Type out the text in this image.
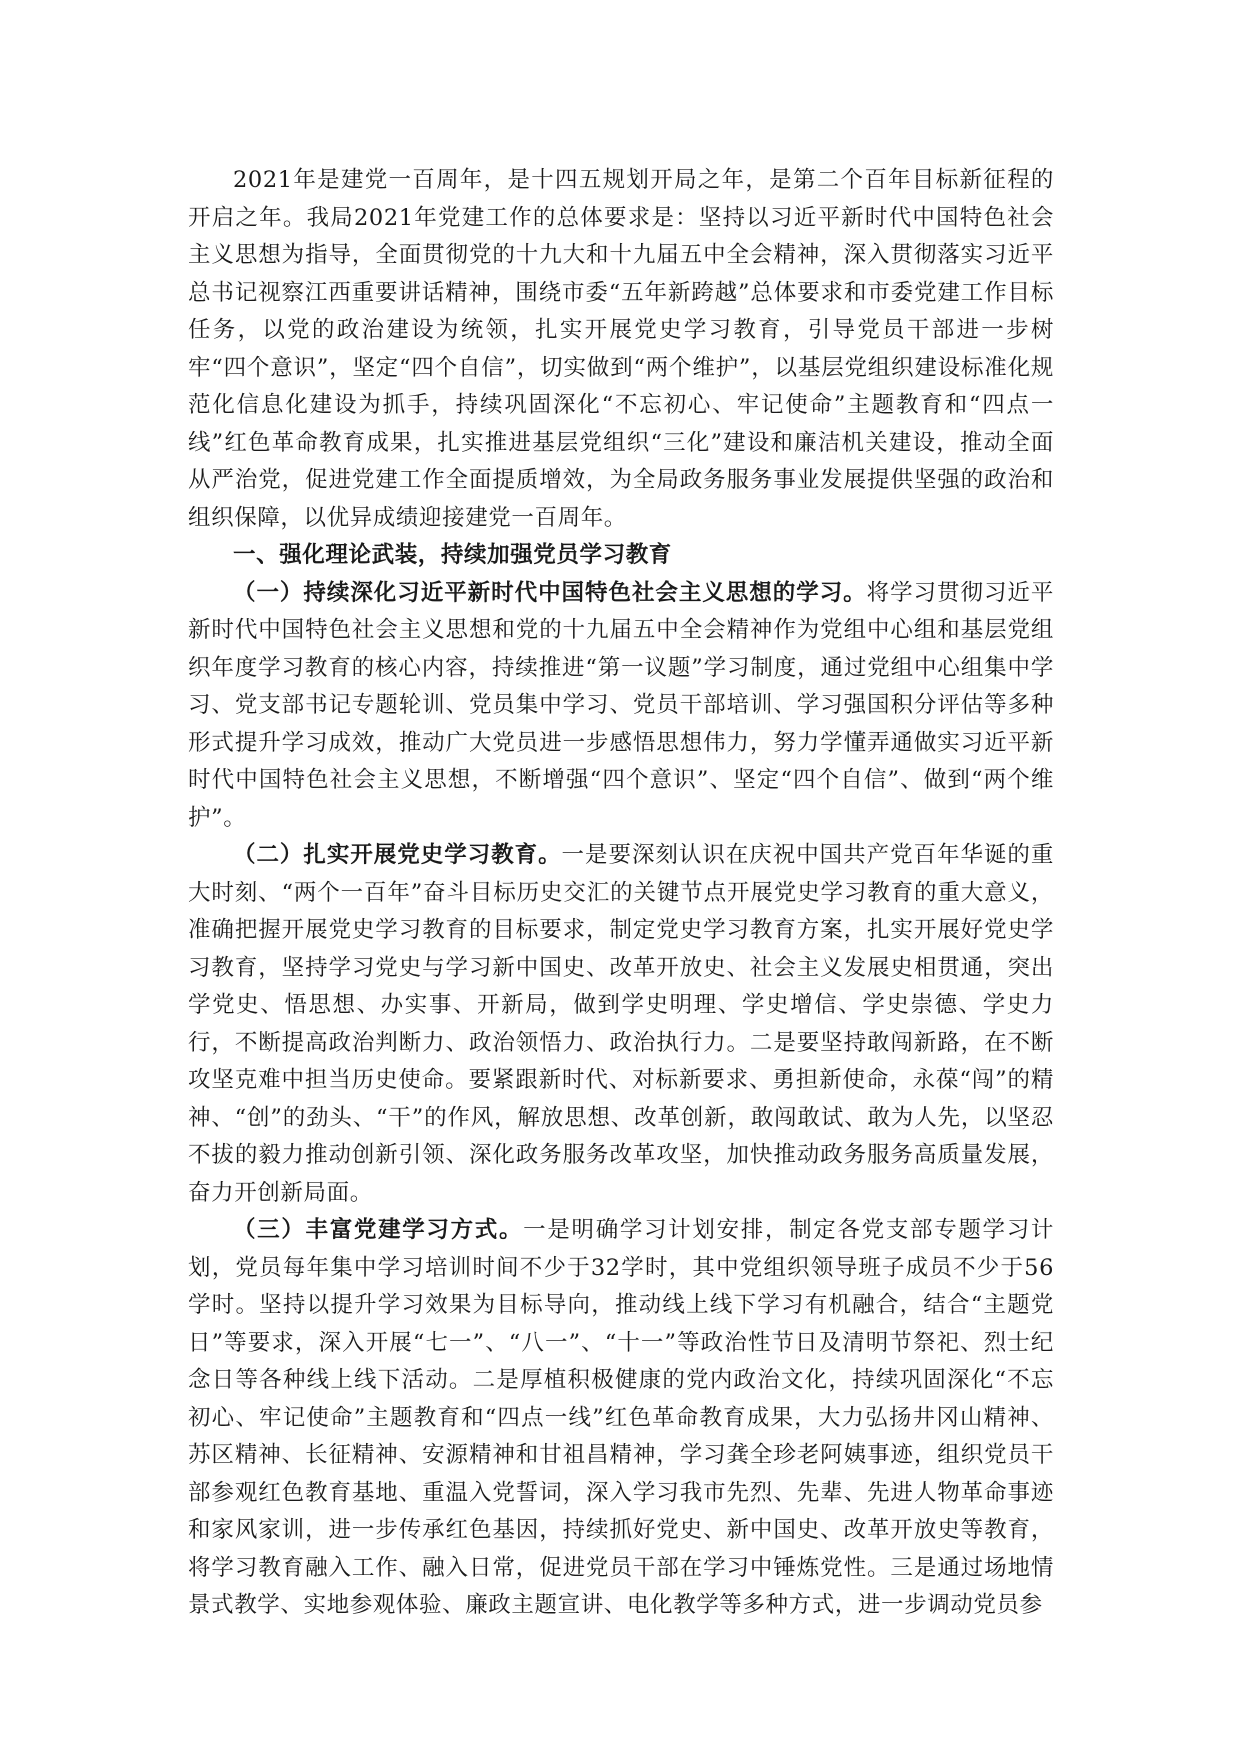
2021年是建党一百周年，是十四五规划开局之年，是第二个百年目标新征程的开启之年。我局2021年党建工作的总体要求是：坚持以习近平新时代中国特色社会主义思想为指导，全面贯彻党的十九大和十九届五中全会精神，深入贯彻落实习近平总书记视察江西重要讲话精神，围绕市委“五年新跨越”总体要求和市委党建工作目标任务，以党的政治建设为统领，扎实开展党史学习教育，引导党员干部进一步树牢“四个意识”，坚定“四个自信”，切实做到“两个维护”，以基层党组织建设标准化规范化信息化建设为抓手，持续巩固深化“不忘初心、牢记使命”主题教育和“四点一线”红色革命教育成果，扎实推进基层党组织“三化”建设和廉洁机关建设，推动全面从严治党，促进党建工作全面提质增效，为全局政务服务事业发展提供坚强的政治和组织保障，以优异成绩迎接建党一百周年。

一、强化理论武装，持续加强党员学习教育

（一）持续深化习近平新时代中国特色社会主义思想的学习。将学习贯彻习近平新时代中国特色社会主义思想和党的十九届五中全会精神作为党组中心组和基层党组织年度学习教育的核心内容，持续推进“第一议题”学习制度，通过党组中心组集中学习、党支部书记专题轮训、党员集中学习、党员干部培训、学习强国积分评估等多种形式提升学习成效，推动广大党员进一步感悟思想伟力，努力学懂弄通做实习近平新时代中国特色社会主义思想，不断增强“四个意识”、坚定“四个自信”、做到“两个维护”。

（二）扎实开展党史学习教育。一是要深刻认识在庆祝中国共产党百年华诞的重大时刻、“两个一百年”奋斗目标历史交汇的关键节点开展党史学习教育的重大意义，准确把握开展党史学习教育的目标要求，制定党史学习教育方案，扎实开展好党史学习教育，坚持学习党史与学习新中国史、改革开放史、社会主义发展史相贯通，突出学党史、悟思想、办实事、开新局，做到学史明理、学史增信、学史崇德、学史力行，不断提高政治判断力、政治领悟力、政治执行力。二是要坚持敢闯新路，在不断攻坚克难中担当历史使命。要紧跟新时代、对标新要求、勇担新使命，永葆“闯”的精神、“创”的劲头、“干”的作风，解放思想、改革创新，敢闯敢试、敢为人先，以坚忍不拔的毅力推动创新引领、深化政务服务改革攻坚，加快推动政务服务高质量发展，奋力开创新局面。

（三）丰富党建学习方式。一是明确学习计划安排，制定各党支部专题学习计划，党员每年集中学习培训时间不少于32学时，其中党组织领导班子成员不少于56学时。坚持以提升学习效果为目标导向，推动线上线下学习有机融合，结合“主题党日”等要求，深入开展“七一”、“八一”、“十一”等政治性节日及清明节祭祀、烈士纪念日等各种线上线下活动。二是厚植积极健康的党内政治文化，持续巩固深化“不忘初心、牢记使命”主题教育和“四点一线”红色革命教育成果，大力弘扬井冈山精神、苏区精神、长征精神、安源精神和甘祖昌精神，学习龚全珍老阿姨事迹，组织党员干部参观红色教育基地、重温入党誓词，深入学习我市先烈、先辈、先进人物革命事迹和家风家训，进一步传承红色基因，持续抓好党史、新中国史、改革开放史等教育，将学习教育融入工作、融入日常，促进党员干部在学习中锤炼党性。三是通过场地情景式教学、实地参观体验、廉政主题宣讲、电化教学等多种方式，进一步调动党员参
